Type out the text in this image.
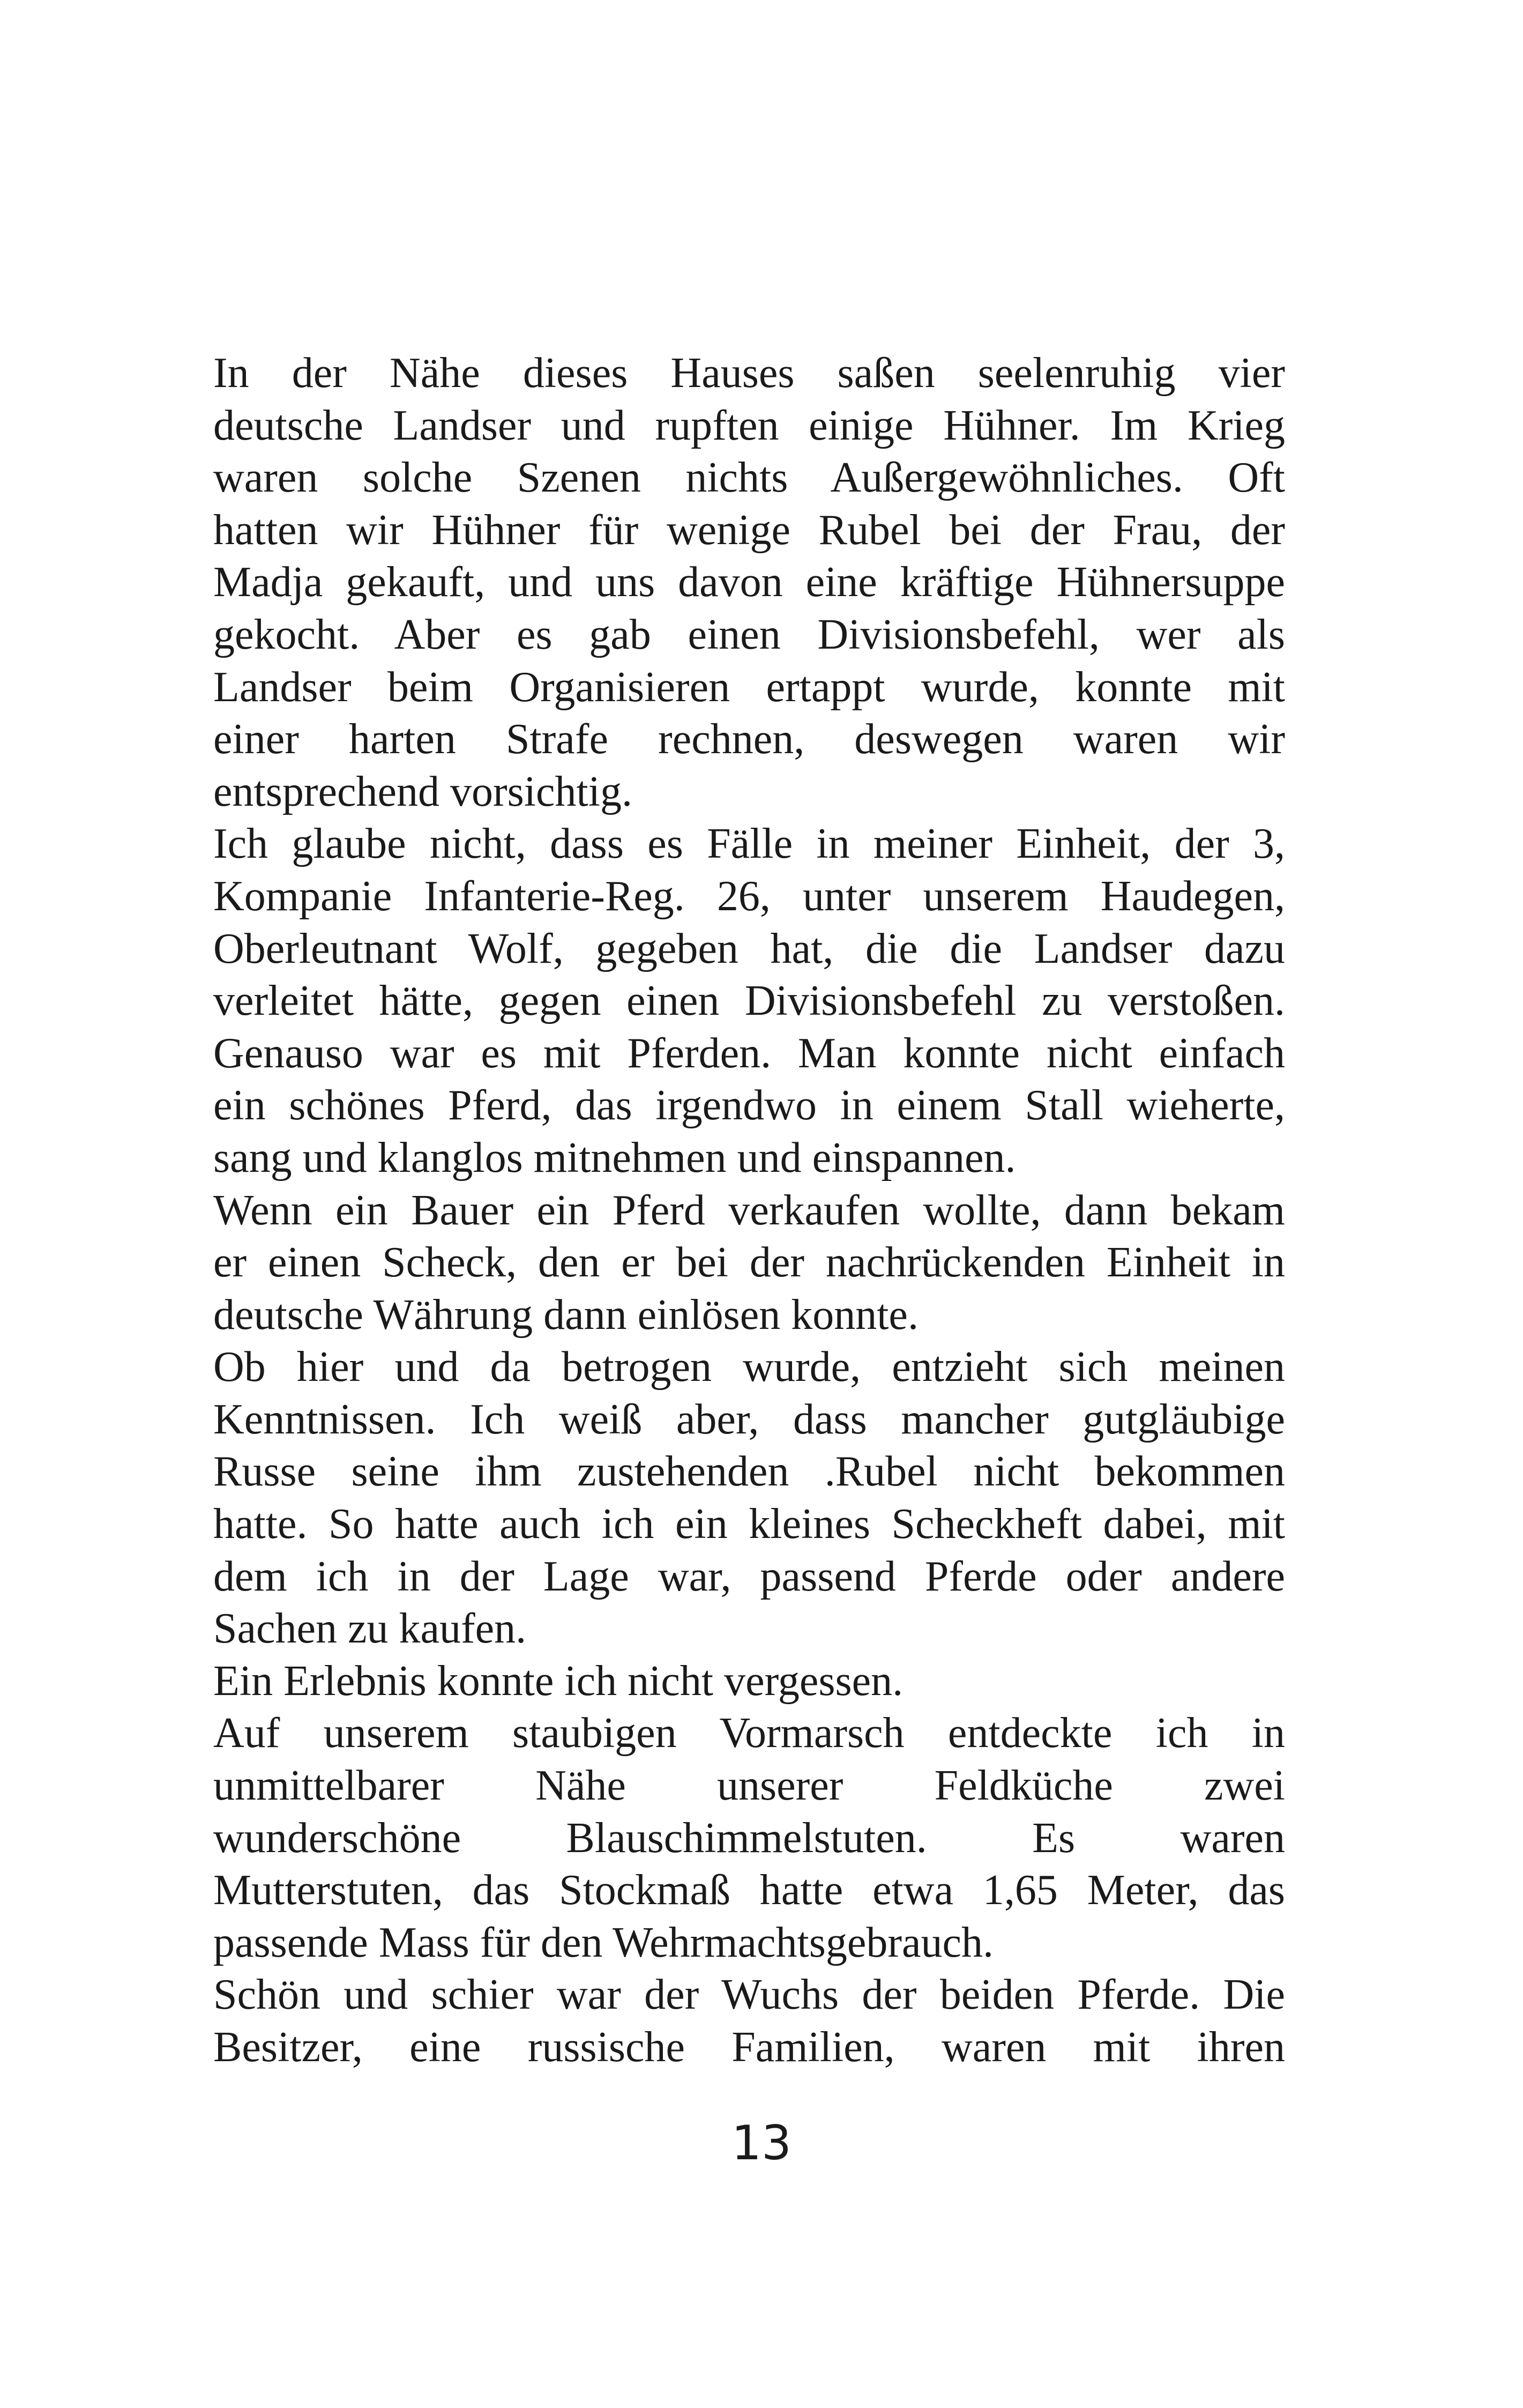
In der Nähe dieses Hauses saßen seelenruhig vier
deutsche Landser und rupften einige Hühner. Im Krieg
waren solche Szenen nichts Außergewöhnliches. Oft
hatten wir Hühner für wenige Rubel bei der Frau, der
Madja gekauft, und uns davon eine kräftige Hühnersuppe
gekocht. Aber es gab einen Divisionsbefehl, wer als
Landser beim Organisieren ertappt wurde, konnte mit
einer harten Strafe rechnen, deswegen waren wir
entsprechend vorsichtig.

Ich glaube nicht, dass es Fälle in meiner Einheit, der 3,
Kompanie Infanterie-Reg. 26, unter unserem Haudegen,
Oberleutnant Wolf, gegeben hat, die die Landser dazu
verleitet hätte, gegen einen Divisionsbefehl zu verstoßen.
Genauso war es mit Pferden. Man konnte nicht einfach
ein schönes Pferd, das irgendwo in einem Stall wieherte,
sang und klanglos mitnehmen und einspannen.

Wenn ein Bauer ein Pferd verkaufen wollte, dann bekam
er einen Scheck, den er bei der nachrückenden Einheit in
deutsche Währung dann einlösen konnte.

Ob hier und da betrogen wurde, entzieht sich meinen
Kenntnissen. Ich weiß aber, dass mancher gutgläubige
Russe seine ihm zustehenden .Rubel nicht bekommen
hatte. So hatte auch ich ein kleines Scheckheft dabei, mit
dem ich in der Lage war, passend Pferde oder andere
Sachen zu kaufen.

Ein Erlebnis konnte ich nicht vergessen.

Auf unserem staubigen Vormarsch entdeckte ich in
unmittelbarer Nähe unserer Feldküche zwei
wunderschöne Blauschimmelstuten. Es waren
Mutterstuten, das Stockmaß hatte etwa 1,65 Meter, das
passende Mass für den Wehrmachtsgebrauch.

Schön und schier war der Wuchs der beiden Pferde. Die
Besitzer, eine russische Familien, waren mit ihren

13
